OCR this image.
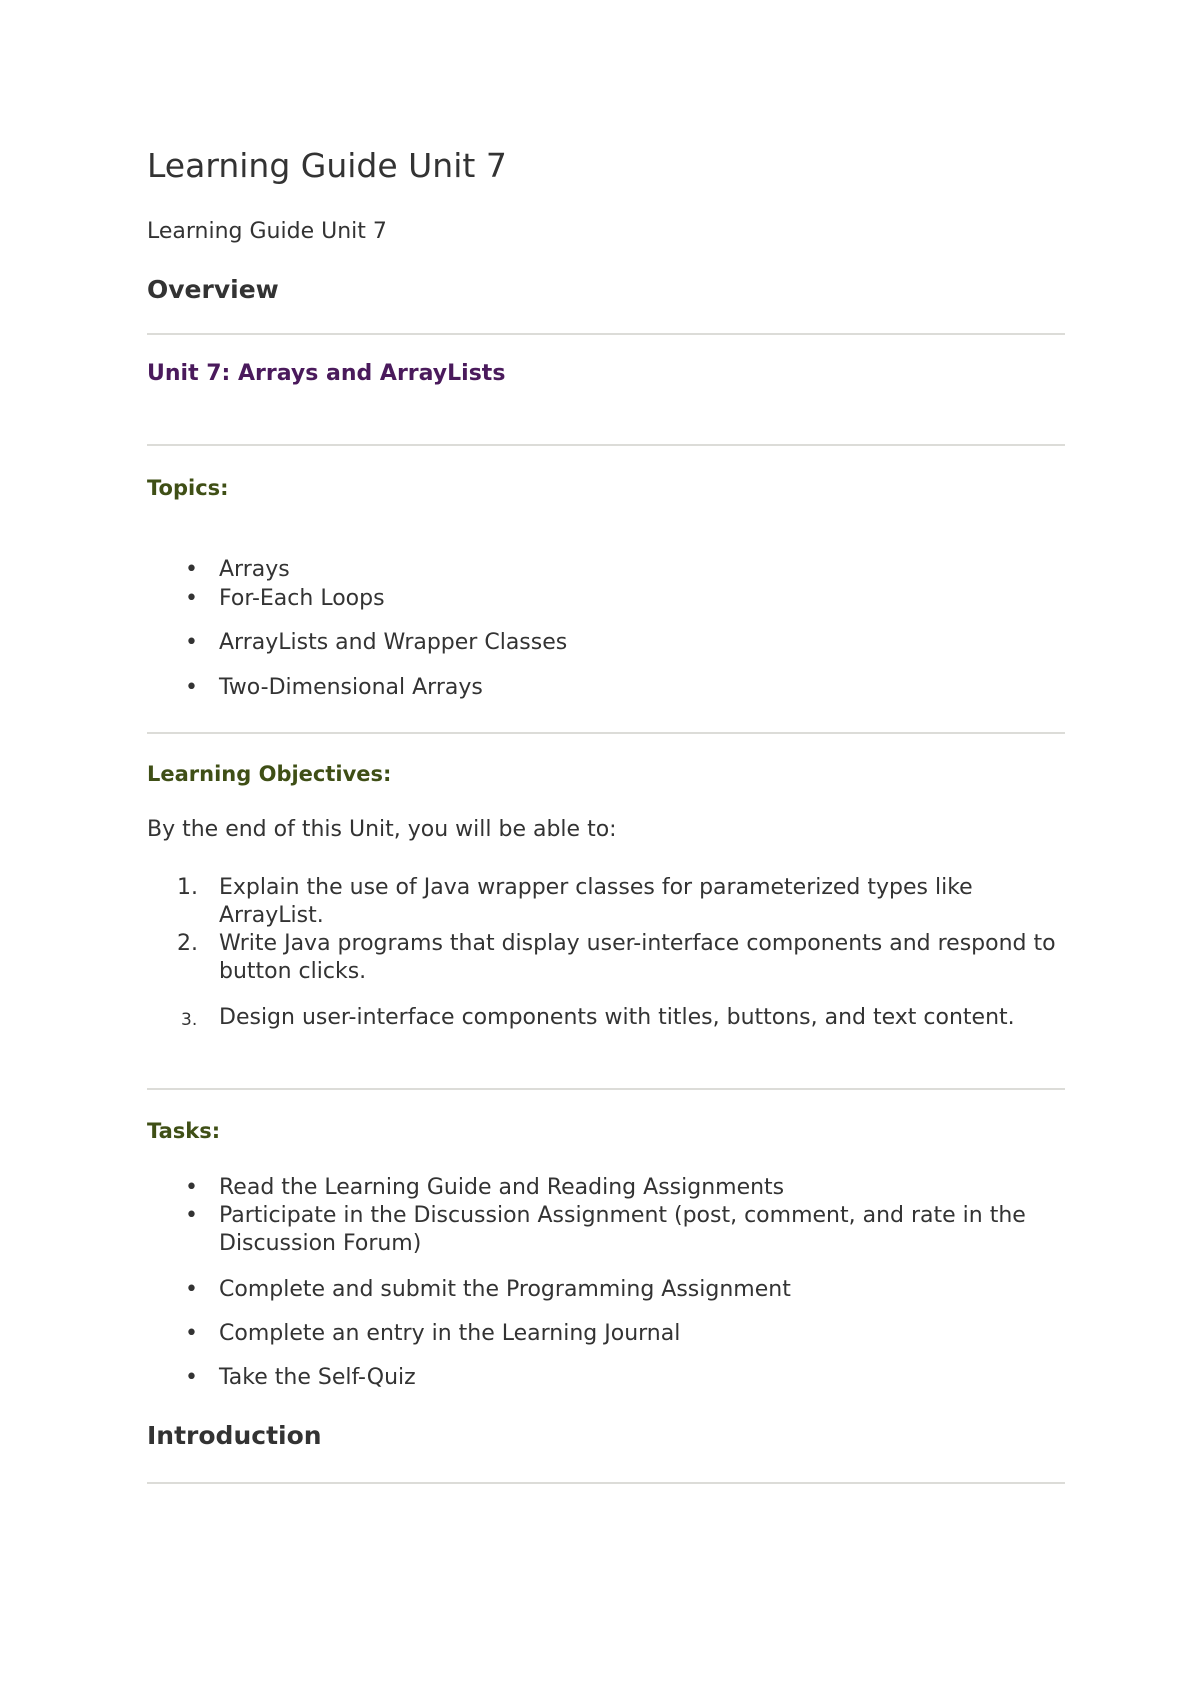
Learning Guide Unit 7
Learning Guide Unit 7
Overview
Unit 7: Arrays and ArrayLists
Topics:
• Arrays
• For-Each Loops
• ArrayLists and Wrapper Classes
• Two-Dimensional Arrays
Learning Objectives:

By the end of this Unit, you will be able to:

1. Explain the use of Java wrapper classes for parameterized types like ArrayList.
2. Write Java programs that display user-interface components and respond to button clicks.
3. Design user-interface components with titles, buttons, and text content.
Tasks:
• Read the Learning Guide and Reading Assignments
• Participate in the Discussion Assignment (post, comment, and rate in the Discussion Forum)
• Complete and submit the Programming Assignment
• Complete an entry in the Learning Journal
• Take the Self-Quiz
Introduction
